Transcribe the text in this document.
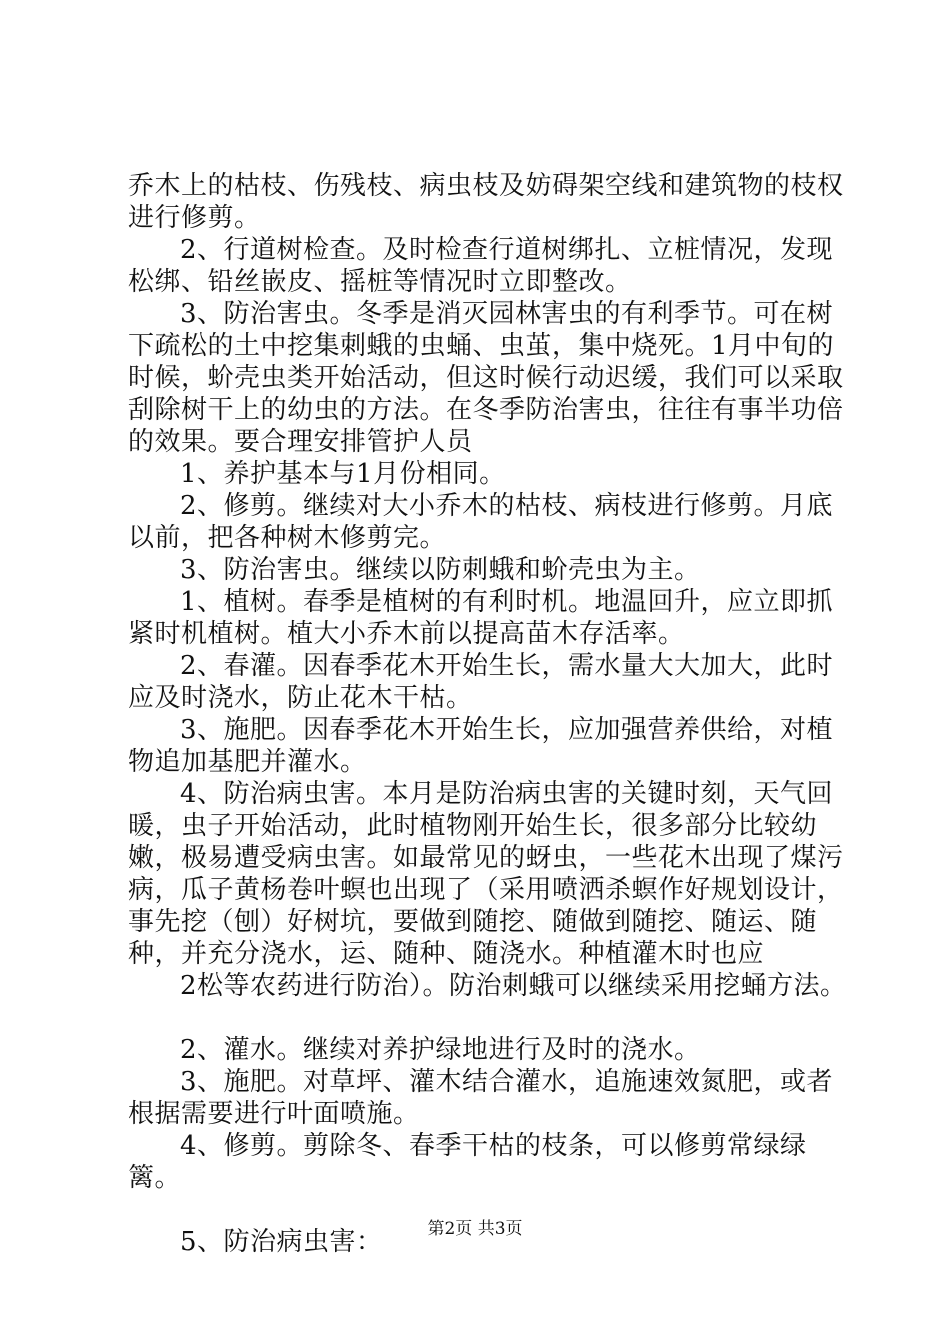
乔木上的枯枝、伤残枝、病虫枝及妨碍架空线和建筑物的枝权进行修剪。

2、行道树检查。及时检查行道树绑扎、立桩情况，发现松绑、铅丝嵌皮、摇桩等情况时立即整改。

3、防治害虫。冬季是消灭园林害虫的有利季节。可在树下疏松的土中挖集刺蛾的虫蛹、虫茧，集中烧死。1月中旬的时候，蚧壳虫类开始活动，但这时候行动迟缓，我们可以采取刮除树干上的幼虫的方法。在冬季防治害虫，往往有事半功倍的效果。要合理安排管护人员

1、养护基本与1月份相同。

2、修剪。继续对大小乔木的枯枝、病枝进行修剪。月底以前，把各种树木修剪完。

3、防治害虫。继续以防刺蛾和蚧壳虫为主。

1、植树。春季是植树的有利时机。地温回升，应立即抓紧时机植树。植大小乔木前以提高苗木存活率。

2、春灌。因春季花木开始生长，需水量大大加大，此时应及时浇水，防止花木干枯。

3、施肥。因春季花木开始生长，应加强营养供给，对植物追加基肥并灌水。

4、防治病虫害。本月是防治病虫害的关键时刻，天气回暖，虫子开始活动，此时植物刚开始生长，很多部分比较幼嫩，极易遭受病虫害。如最常见的蚜虫，一些花木出现了煤污病，瓜子黄杨卷叶螟也出现了（采用喷洒杀螟作好规划设计，事先挖（刨）好树坑，要做到随挖、随做到随挖、随运、随种，并充分浇水，运、随种、随浇水。种植灌木时也应

2松等农药进行防治）。防治刺蛾可以继续采用挖蛹方法。

2、灌水。继续对养护绿地进行及时的浇水。

3、施肥。对草坪、灌木结合灌水，追施速效氮肥，或者根据需要进行叶面喷施。

4、修剪。剪除冬、春季干枯的枝条，可以修剪常绿绿篱。

5、防治病虫害：	第2页 共3页
